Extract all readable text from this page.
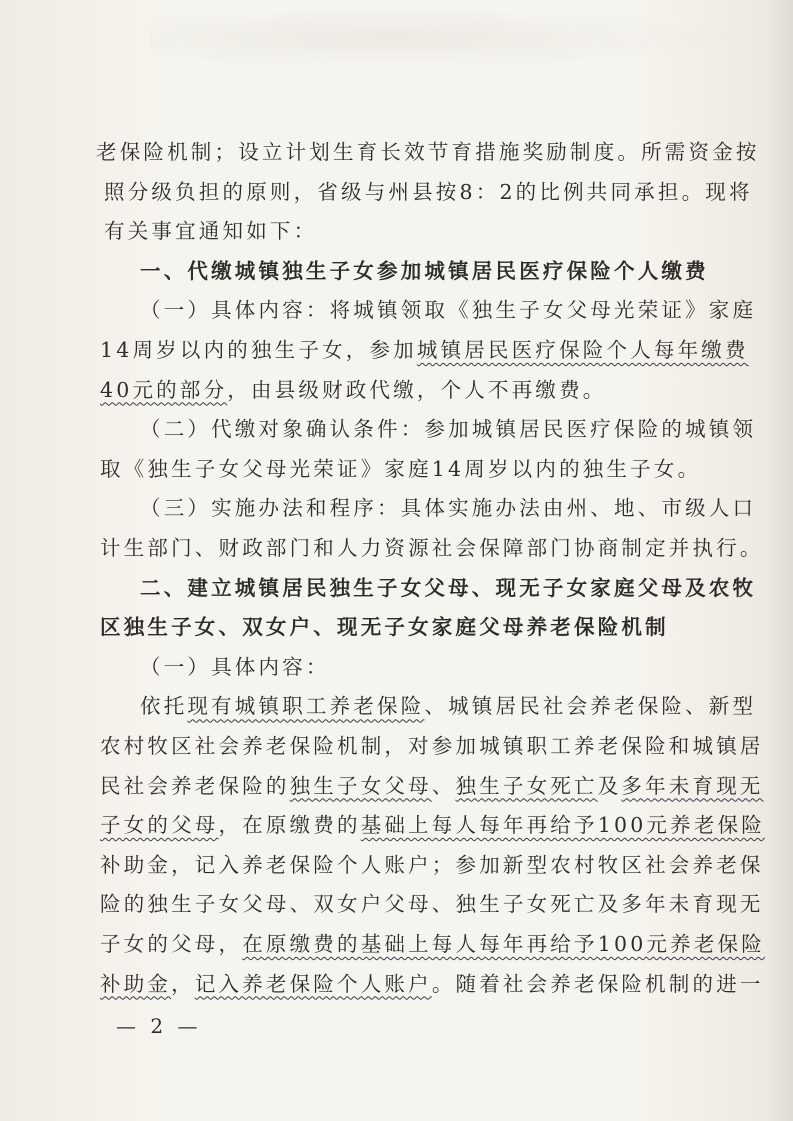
老保险机制；设立计划生育长效节育措施奖励制度。所需资金按
照分级负担的原则，省级与州县按8：2的比例共同承担。现将
有关事宜通知如下：
一、代缴城镇独生子女参加城镇居民医疗保险个人缴费
（一）具体内容：将城镇领取《独生子女父母光荣证》家庭
14周岁以内的独生子女，参加城镇居民医疗保险个人每年缴费
40元的部分，由县级财政代缴，个人不再缴费。
（二）代缴对象确认条件：参加城镇居民医疗保险的城镇领
取《独生子女父母光荣证》家庭14周岁以内的独生子女。
（三）实施办法和程序：具体实施办法由州、地、市级人口
计生部门、财政部门和人力资源社会保障部门协商制定并执行。
二、建立城镇居民独生子女父母、现无子女家庭父母及农牧
区独生子女、双女户、现无子女家庭父母养老保险机制
（一）具体内容：
依托现有城镇职工养老保险、城镇居民社会养老保险、新型
农村牧区社会养老保险机制，对参加城镇职工养老保险和城镇居
民社会养老保险的独生子女父母、独生子女死亡及多年未育现无
子女的父母，在原缴费的基础上每人每年再给予100元养老保险
补助金，记入养老保险个人账户；参加新型农村牧区社会养老保
险的独生子女父母、双女户父母、独生子女死亡及多年未育现无
子女的父母，在原缴费的基础上每人每年再给予100元养老保险
补助金，记入养老保险个人账户。随着社会养老保险机制的进一
— 2 —
